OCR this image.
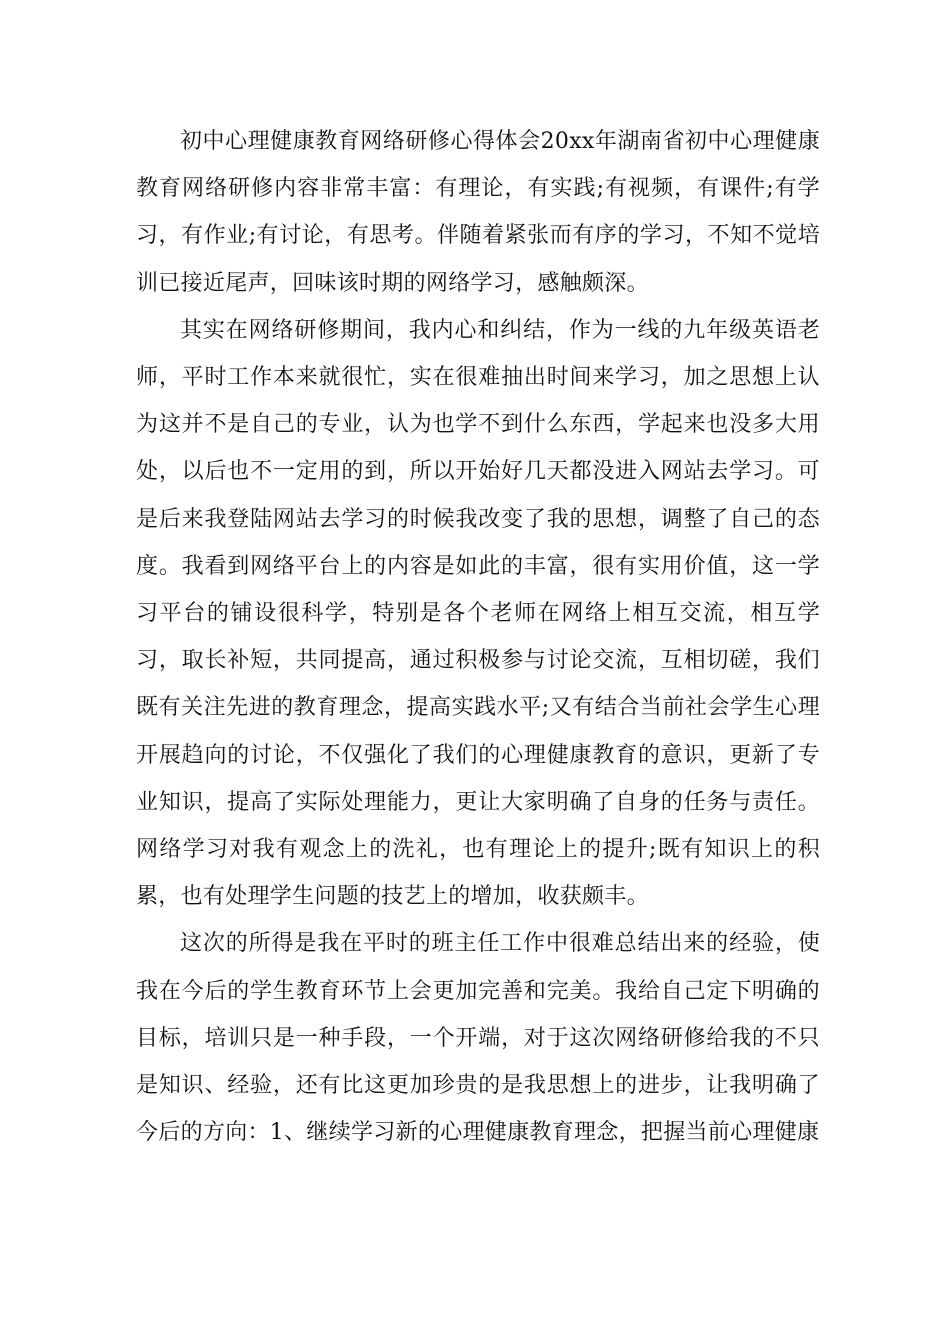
初中心理健康教育网络研修心得体会20xx年湖南省初中心理健康教育网络研修内容非常丰富：有理论，有实践;有视频，有课件;有学习，有作业;有讨论，有思考。伴随着紧张而有序的学习，不知不觉培训已接近尾声，回味该时期的网络学习，感触颇深。

其实在网络研修期间，我内心和纠结，作为一线的九年级英语老师，平时工作本来就很忙，实在很难抽出时间来学习，加之思想上认为这并不是自己的专业，认为也学不到什么东西，学起来也没多大用处，以后也不一定用的到，所以开始好几天都没进入网站去学习。可是后来我登陆网站去学习的时候我改变了我的思想，调整了自己的态度。我看到网络平台上的内容是如此的丰富，很有实用价值，这一学习平台的铺设很科学，特别是各个老师在网络上相互交流，相互学习，取长补短，共同提高，通过积极参与讨论交流，互相切磋，我们既有关注先进的教育理念，提高实践水平;又有结合当前社会学生心理开展趋向的讨论，不仅强化了我们的心理健康教育的意识，更新了专业知识，提高了实际处理能力，更让大家明确了自身的任务与责任。网络学习对我有观念上的洗礼，也有理论上的提升;既有知识上的积累，也有处理学生问题的技艺上的增加，收获颇丰。

这次的所得是我在平时的班主任工作中很难总结出来的经验，使我在今后的学生教育环节上会更加完善和完美。我给自己定下明确的目标，培训只是一种手段，一个开端，对于这次网络研修给我的不只是知识、经验，还有比这更加珍贵的是我思想上的进步，让我明确了今后的方向：1、继续学习新的心理健康教育理念，把握当前心理健康
